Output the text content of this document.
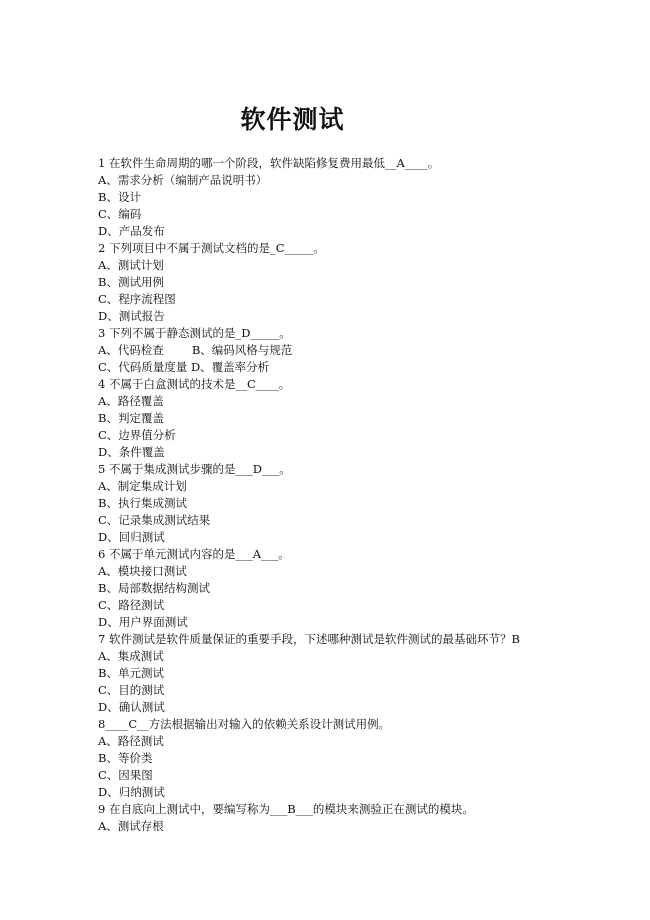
软件测试
1 在软件生命周期的哪一个阶段，软件缺陷修复费用最低__A____。
A、需求分析（编制产品说明书）
B、设计
C、编码
D、产品发布
2 下列项目中不属于测试文档的是_C_____。
A、测试计划
B、测试用例
C、程序流程图
D、测试报告
3 下列不属于静态测试的是_D_____。
A、代码检查 B、编码风格与规范
C、代码质量度量 D、覆盖率分析
4 不属于白盒测试的技术是__C____。
A、路径覆盖
B、判定覆盖
C、边界值分析
D、条件覆盖
5 不属于集成测试步骤的是___D___。
A、制定集成计划
B、执行集成测试
C、记录集成测试结果
D、回归测试
6 不属于单元测试内容的是___A___。
A、模块接口测试
B、局部数据结构测试
C、路径测试
D、用户界面测试
7 软件测试是软件质量保证的重要手段，下述哪种测试是软件测试的最基础环节？B
A、集成测试
B、单元测试
C、目的测试
D、确认测试
8____C__方法根据输出对输入的依赖关系设计测试用例。
A、路径测试
B、等价类
C、因果图
D、归纳测试
9 在自底向上测试中，要编写称为___B___的模块来测验正在测试的模块。
A、测试存根
